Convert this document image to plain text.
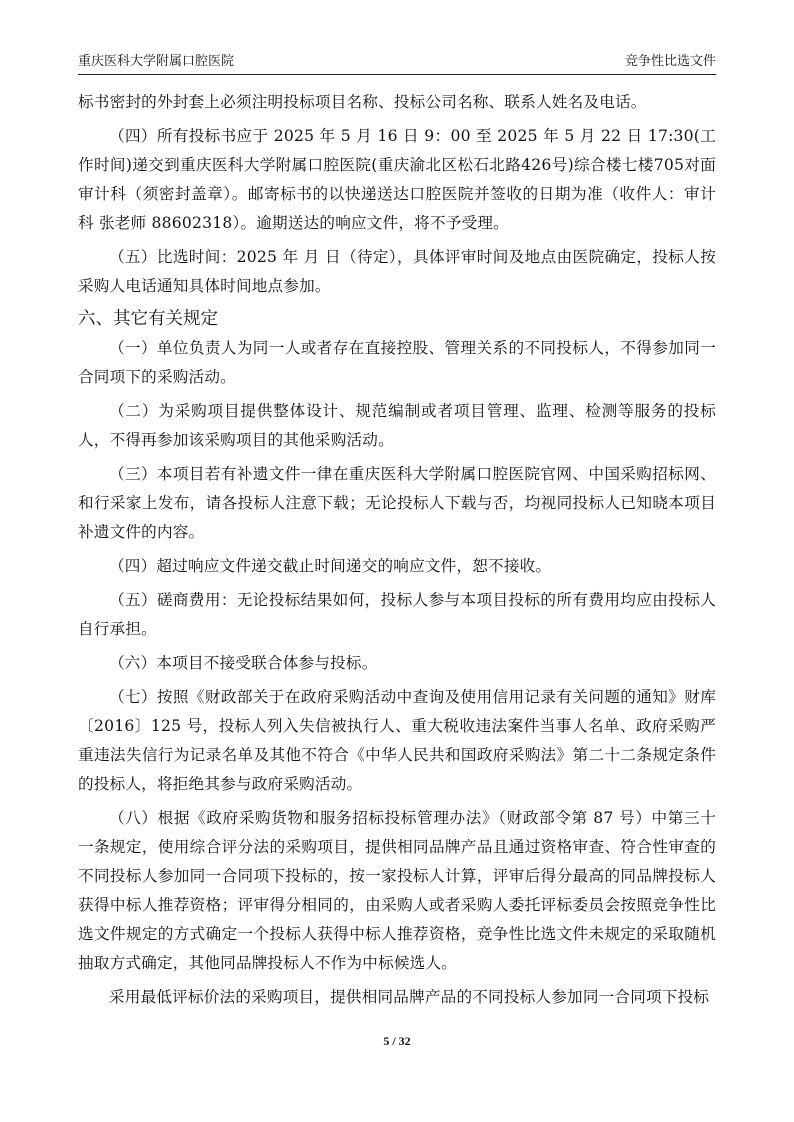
重庆医科大学附属口腔医院	竞争性比选文件

标书密封的外封套上必须注明投标项目名称、投标公司名称、联系人姓名及电话。

（四）所有投标书应于 2025 年 5 月 16 日 9：00 至 2025 年 5 月 22 日 17:30(工作时间)递交到重庆医科大学附属口腔医院(重庆渝北区松石北路426号)综合楼七楼705对面审计科（须密封盖章）。邮寄标书的以快递送达口腔医院并签收的日期为准（收件人：审计科 张老师 88602318）。逾期送达的响应文件，将不予受理。

（五）比选时间：2025 年 月 日（待定），具体评审时间及地点由医院确定，投标人按采购人电话通知具体时间地点参加。

六、其它有关规定

（一）单位负责人为同一人或者存在直接控股、管理关系的不同投标人，不得参加同一合同项下的采购活动。

（二）为采购项目提供整体设计、规范编制或者项目管理、监理、检测等服务的投标人，不得再参加该采购项目的其他采购活动。

（三）本项目若有补遗文件一律在重庆医科大学附属口腔医院官网、中国采购招标网、和行采家上发布，请各投标人注意下载；无论投标人下载与否，均视同投标人已知晓本项目补遗文件的内容。

（四）超过响应文件递交截止时间递交的响应文件，恕不接收。

（五）磋商费用：无论投标结果如何，投标人参与本项目投标的所有费用均应由投标人自行承担。

（六）本项目不接受联合体参与投标。

（七）按照《财政部关于在政府采购活动中查询及使用信用记录有关问题的通知》财库〔2016〕125 号，投标人列入失信被执行人、重大税收违法案件当事人名单、政府采购严重违法失信行为记录名单及其他不符合《中华人民共和国政府采购法》第二十二条规定条件的投标人，将拒绝其参与政府采购活动。

（八）根据《政府采购货物和服务招标投标管理办法》（财政部令第 87 号）中第三十一条规定，使用综合评分法的采购项目，提供相同品牌产品且通过资格审查、符合性审查的不同投标人参加同一合同项下投标的，按一家投标人计算，评审后得分最高的同品牌投标人获得中标人推荐资格；评审得分相同的，由采购人或者采购人委托评标委员会按照竞争性比选文件规定的方式确定一个投标人获得中标人推荐资格，竞争性比选文件未规定的采取随机抽取方式确定，其他同品牌投标人不作为中标候选人。

采用最低评标价法的采购项目，提供相同品牌产品的不同投标人参加同一合同项下投标

5 / 32
